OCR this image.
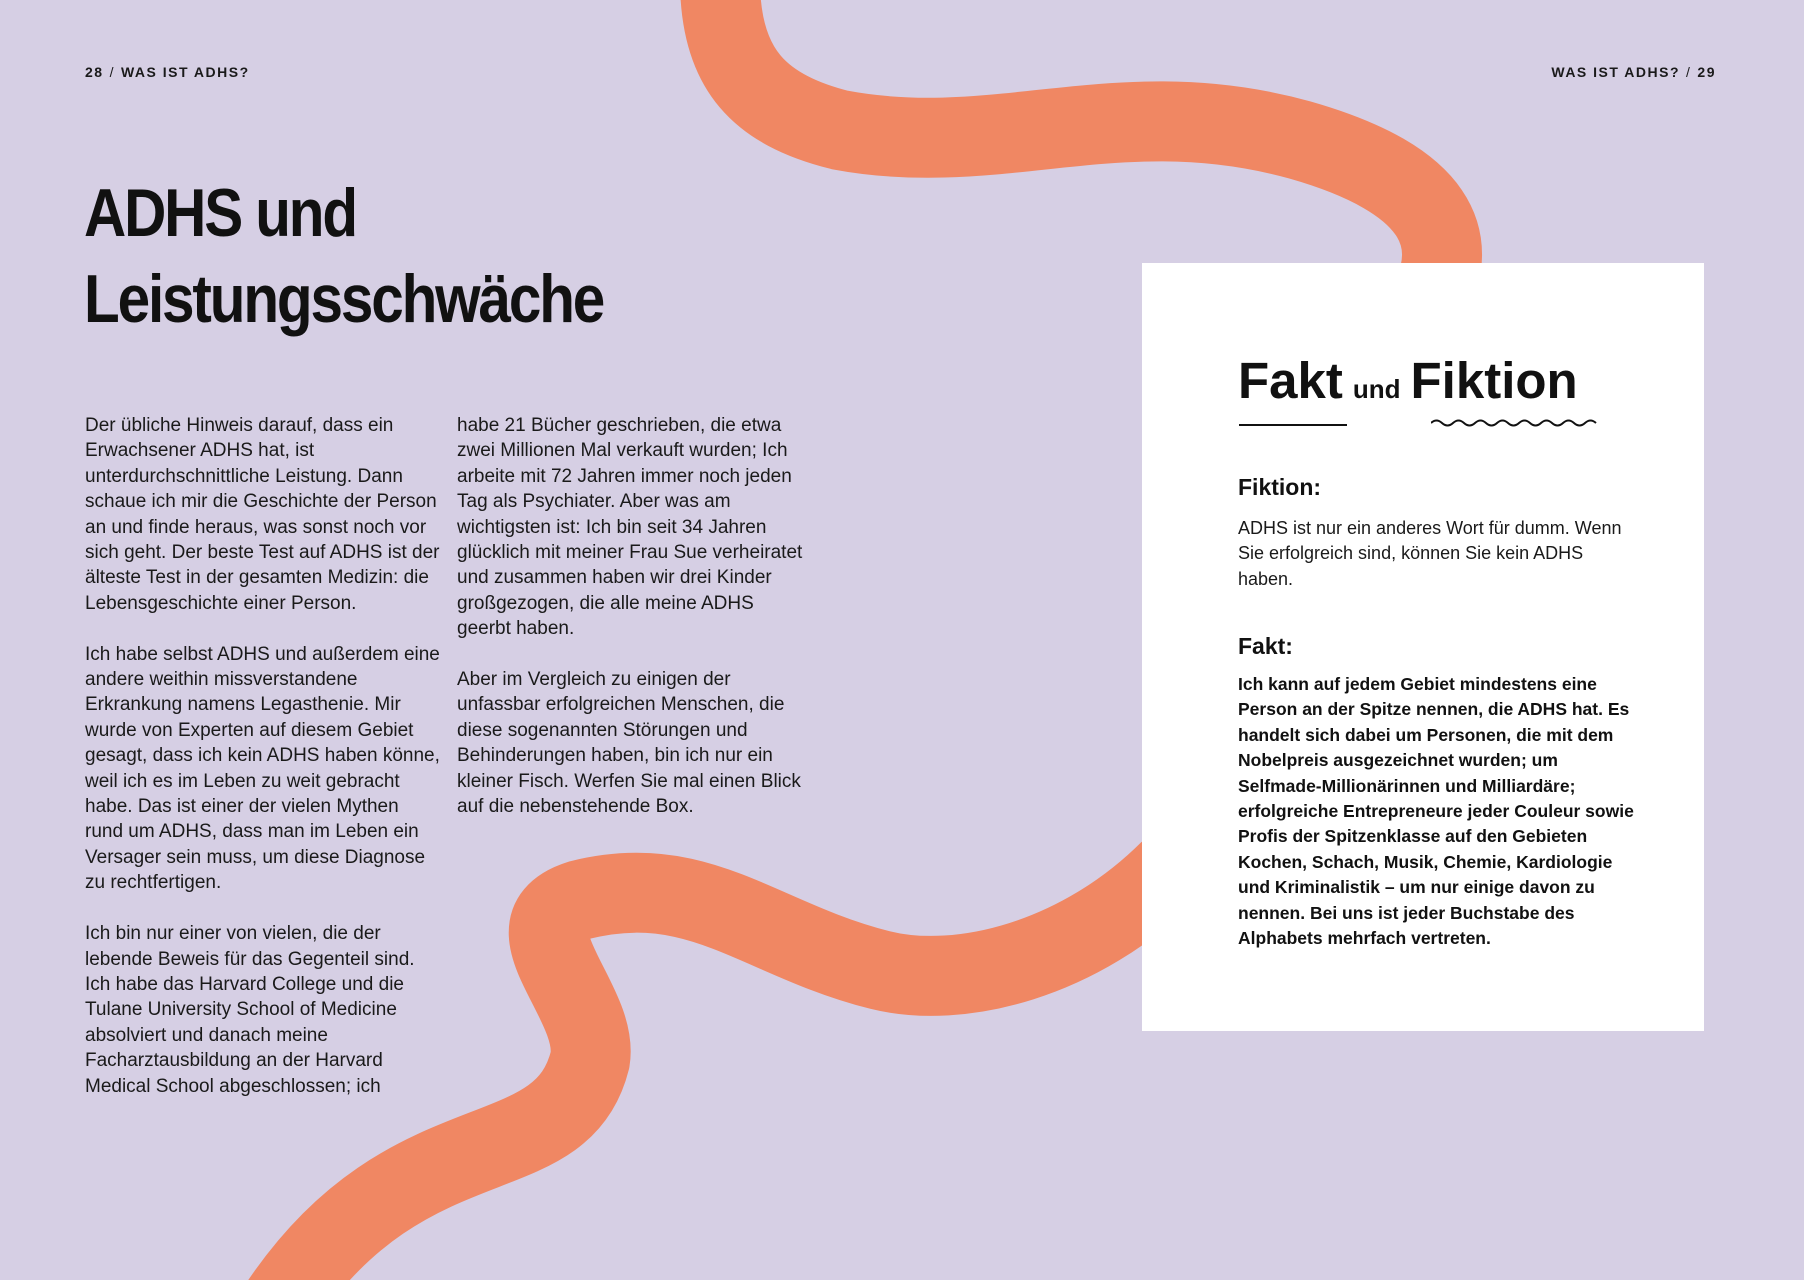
28 / WAS IST ADHS?	WAS IST ADHS? / 29
ADHS und
Leistungsschwäche

Der übliche Hinweis darauf, dass ein Erwachsener ADHS hat, ist unterdurchschnittliche Leistung. Dann schaue ich mir die Geschichte der Person an und finde heraus, was sonst noch vor sich geht. Der beste Test auf ADHS ist der älteste Test in der gesamten Medizin: die Lebensgeschichte einer Person.

Ich habe selbst ADHS und außerdem eine andere weithin missverstandene Erkrankung namens Legasthenie. Mir wurde von Experten auf diesem Gebiet gesagt, dass ich kein ADHS haben könne, weil ich es im Leben zu weit gebracht habe. Das ist einer der vielen Mythen rund um ADHS, dass man im Leben ein Versager sein muss, um diese Diagnose zu rechtfertigen.

Ich bin nur einer von vielen, die der lebende Beweis für das Gegenteil sind. Ich habe das Harvard College und die Tulane University School of Medicine absolviert und danach meine Facharztausbildung an der Harvard Medical School abgeschlossen; ich

habe 21 Bücher geschrieben, die etwa zwei Millionen Mal verkauft wurden; Ich arbeite mit 72 Jahren immer noch jeden Tag als Psychiater. Aber was am wichtigsten ist: Ich bin seit 34 Jahren glücklich mit meiner Frau Sue verheiratet und zusammen haben wir drei Kinder großgezogen, die alle meine ADHS geerbt haben.

Aber im Vergleich zu einigen der unfassbar erfolgreichen Menschen, die diese sogenannten Störungen und Behinderungen haben, bin ich nur ein kleiner Fisch. Werfen Sie mal einen Blick auf die nebenstehende Box.

Fakt und Fiktion
Fiktion:

ADHS ist nur ein anderes Wort für dumm. Wenn Sie erfolgreich sind, können Sie kein ADHS haben.

Fakt:

Ich kann auf jedem Gebiet mindestens eine Person an der Spitze nennen, die ADHS hat. Es handelt sich dabei um Personen, die mit dem Nobelpreis ausgezeichnet wurden; um Selfmade-Millionärinnen und Milliardäre; erfolgreiche Entrepreneure jeder Couleur sowie Profis der Spitzenklasse auf den Gebieten Kochen, Schach, Musik, Chemie, Kardiologie und Kriminalistik – um nur einige davon zu nennen. Bei uns ist jeder Buchstabe des Alphabets mehrfach vertreten.
